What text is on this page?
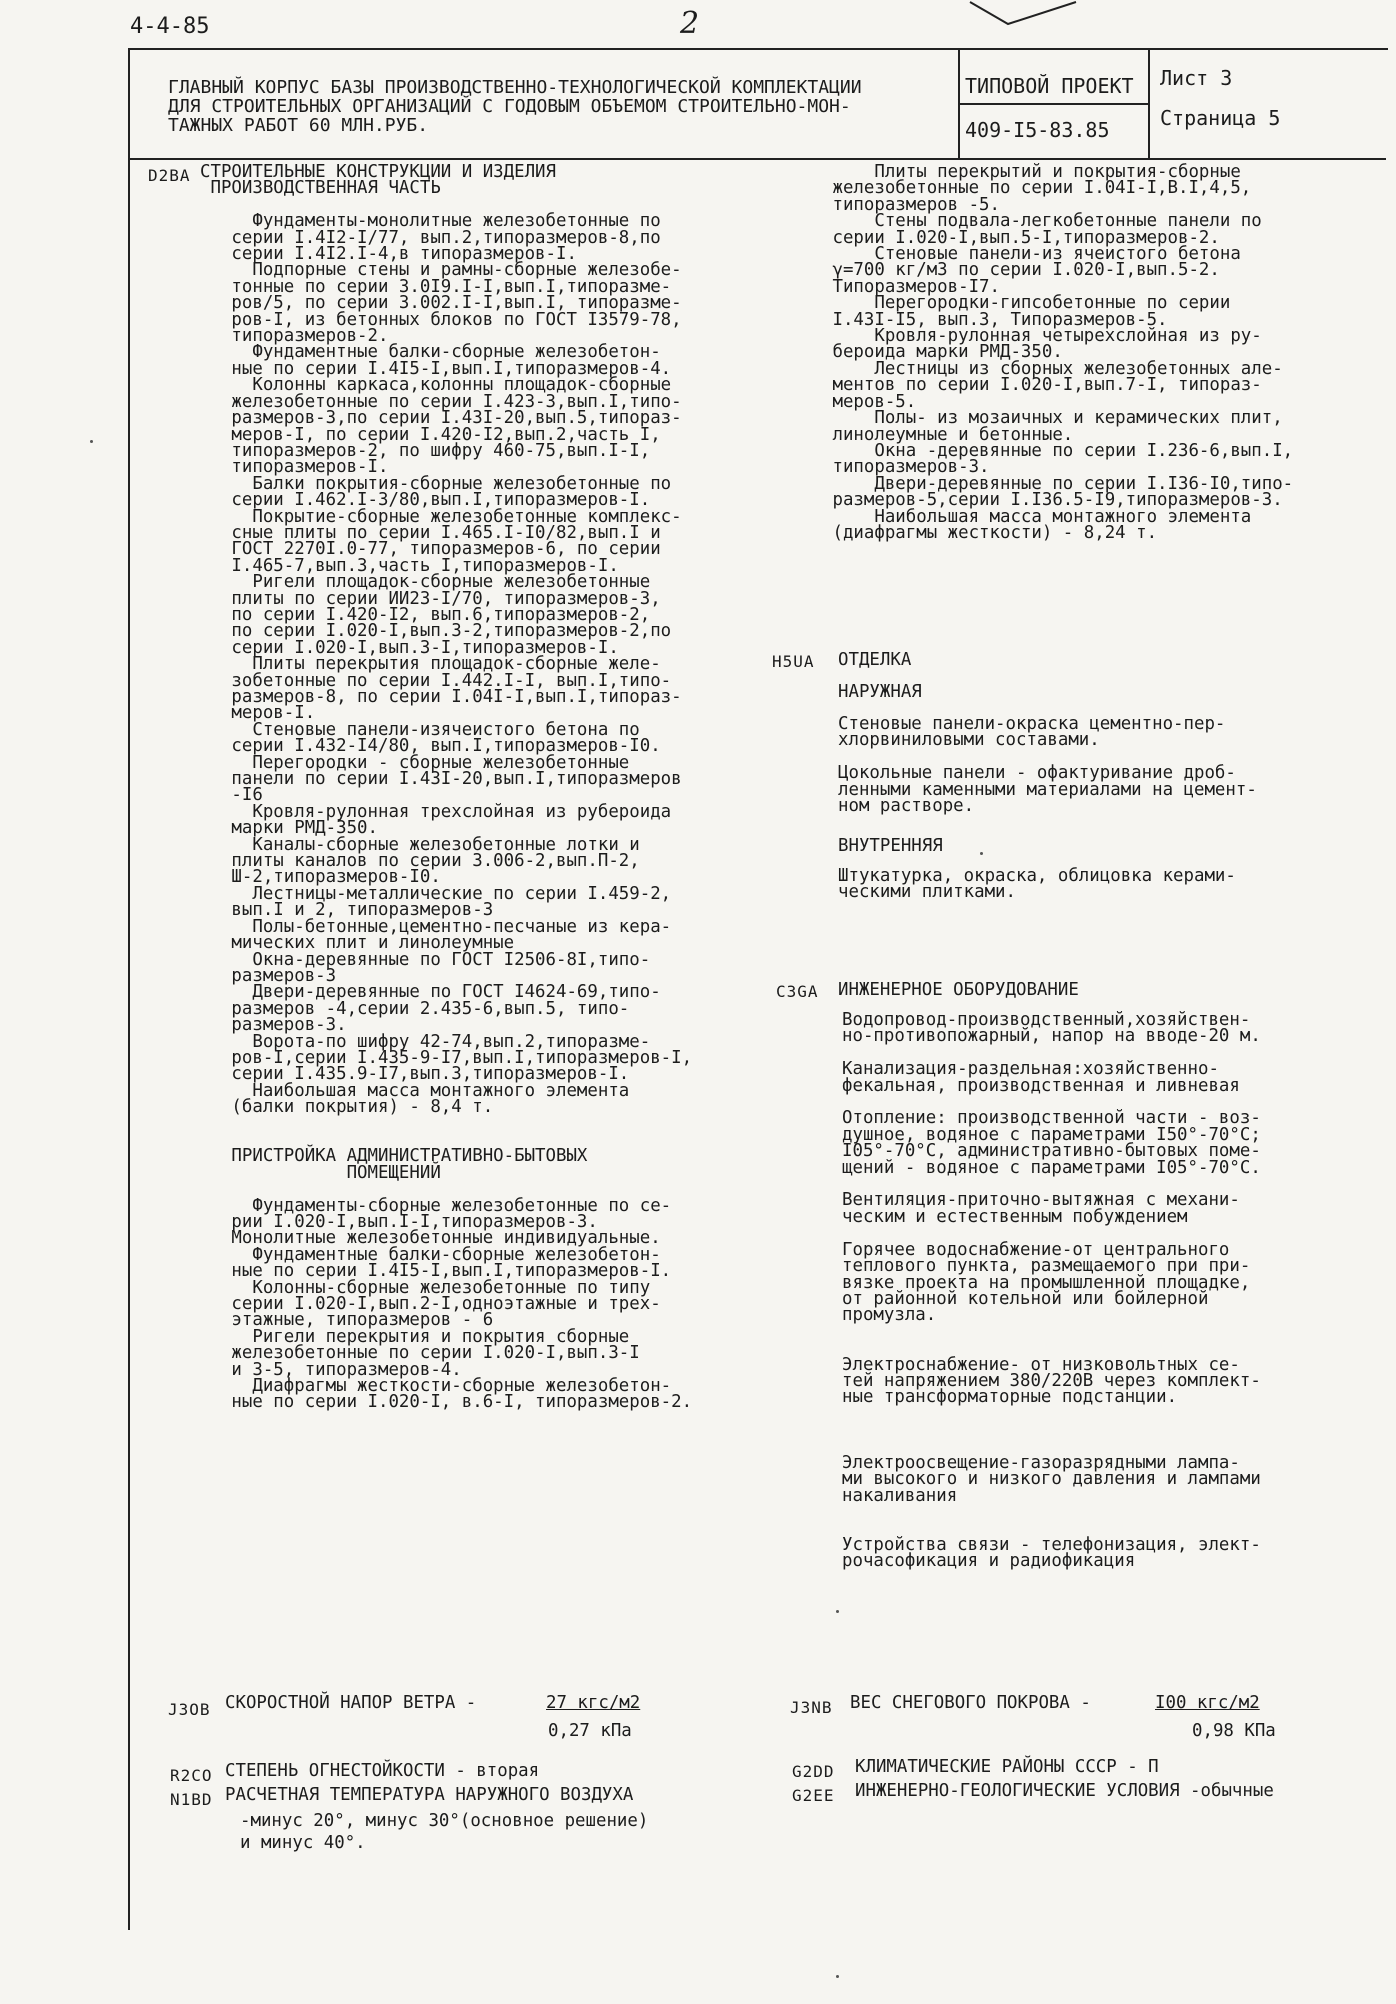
4-4-85	2
ГЛАВНЫЙ КОРПУС БАЗЫ ПРОИЗВОДСТВЕННО-ТЕХНОЛОГИЧЕСКОЙ КОМПЛЕКТАЦИИ
ДЛЯ СТРОИТЕЛЬНЫХ ОРГАНИЗАЦИЙ С ГОДОВЫМ ОБЪЕМОМ СТРОИТЕЛЬНО-МОН-
ТАЖНЫХ РАБОТ 60 МЛН.РУБ.
ТИПОВОЙ ПРОЕКТ
409-I5-83.85
Лист 3
Страница 5
D2BA СТРОИТЕЛЬНЫЕ КОНСТРУКЦИИ И ИЗДЕЛИЯ

ПРОИЗВОДСТВЕННАЯ ЧАСТЬ

Фундаменты-монолитные железобетонные по

серии I.4I2-I/77, вып.2,типоразмеров-8,по

серии I.4I2.I-4,в типоразмеров-I.

Подпорные стены и рамны-сборные железобе-

тонные по серии 3.0I9.I-I,вып.I,типоразме-

ров/5, по серии 3.002.I-I,вып.I, типоразме-

ров-I, из бетонных блоков по ГОСТ I3579-78,

типоразмеров-2.

Фундаментные балки-сборные железобетон-

ные по серии I.4I5-I,вып.I,типоразмеров-4.

Колонны каркаса,колонны площадок-сборные

железобетонные по серии I.423-3,вып.I,типо-

размеров-3,по серии I.43I-20,вып.5,типораз-

меров-I, по серии I.420-I2,вып.2,часть I,

типоразмеров-2, по шифру 460-75,вып.I-I,

типоразмеров-I.

Балки покрытия-сборные железобетонные по

серии I.462.I-3/80,вып.I,типоразмеров-I.

Покрытие-сборные железобетонные комплекс-

сные плиты по серии I.465.I-I0/82,вып.I и

ГОСТ 2270I.0-77, типоразмеров-6, по серии

I.465-7,вып.3,часть I,типоразмеров-I.

Ригели площадок-сборные железобетонные

плиты по серии ИИ23-I/70, типоразмеров-3,

по серии I.420-I2, вып.6,типоразмеров-2,

по серии I.020-I,вып.3-2,типоразмеров-2,по

серии I.020-I,вып.3-I,типоразмеров-I.

Плиты перекрытия площадок-сборные желе-

зобетонные по серии I.442.I-I, вып.I,типо-

размеров-8, по серии I.04I-I,вып.I,типораз-

меров-I.

Стеновые панели-изячеистого бетона по

серии I.432-I4/80, вып.I,типоразмеров-I0.

Перегородки - сборные железобетонные

панели по серии I.43I-20,вып.I,типоразмеров

-I6

Кровля-рулонная трехслойная из рубероида

марки РМД-350.

Каналы-сборные железобетонные лотки и

плиты каналов по серии 3.006-2,вып.П-2,

Ш-2,типоразмеров-I0.

Лестницы-металлические по серии I.459-2,

вып.I и 2, типоразмеров-3

Полы-бетонные,цементно-песчаные из кера-

мических плит и линолеумные

Окна-деревянные по ГОСТ I2506-8I,типо-

размеров-3

Двери-деревянные по ГОСТ I4624-69,типо-

размеров -4,серии 2.435-6,вып.5, типо-

размеров-3.

Ворота-по шифру 42-74,вып.2,типоразме-

ров-I,серии I.435-9-I7,вып.I,типоразмеров-I,

серии I.435.9-I7,вып.3,типоразмеров-I.

Наибольшая масса монтажного элемента

(балки покрытия) - 8,4 т.

ПРИСТРОЙКА АДМИНИСТРАТИВНО-БЫТОВЫХ

ПОМЕЩЕНИЙ

Фундаменты-сборные железобетонные по се-

рии I.020-I,вып.I-I,типоразмеров-3.

Монолитные железобетонные индивидуальные.

Фундаментные балки-сборные железобетон-

ные по серии I.4I5-I,вып.I,типоразмеров-I.

Колонны-сборные железобетонные по типу

серии I.020-I,вып.2-I,одноэтажные и трех-

этажные, типоразмеров - 6

Ригели перекрытия и покрытия сборные

железобетонные по серии I.020-I,вып.3-I

и 3-5, типоразмеров-4.

Диафрагмы жесткости-сборные железобетон-

ные по серии I.020-I, в.6-I, типоразмеров-2.

Плиты перекрытий и покрытия-сборные

железобетонные по серии I.04I-I,В.I,4,5,

типоразмеров -5.

Стены подвала-легкобетонные панели по

серии I.020-I,вып.5-I,типоразмеров-2.

Стеновые панели-из ячеистого бетона

γ=700 кг/м3 по серии I.020-I,вып.5-2.

Типоразмеров-I7.

Перегородки-гипсобетонные по серии

I.43I-I5, вып.3, Типоразмеров-5.

Кровля-рулонная четырехслойная из ру-

бероида марки РМД-350.

Лестницы из сборных железобетонных але-

ментов по серии I.020-I,вып.7-I, типораз-

меров-5.

Полы- из мозаичных и керамических плит,

линолеумные и бетонные.

Окна -деревянные по серии I.236-6,вып.I,

типоразмеров-3.

Двери-деревянные по серии I.I36-I0,типо-

размеров-5,серии I.I36.5-I9,типоразмеров-3.

Наибольшая масса монтажного элемента

(диафрагмы жесткости) - 8,24 т.

H5UA ОТДЕЛКА
НАРУЖНАЯ

Стеновые панели-окраска цементно-пер-

хлорвиниловыми составами.

Цокольные панели - офактуривание дроб-

ленными каменными материалами на цемент-

ном растворе.

ВНУТРЕННЯЯ

Штукатурка, окраска, облицовка керами-

ческими плитками.

C3GA ИНЖЕНЕРНОЕ ОБОРУДОВАНИЕ

Водопровод-производственный,хозяйствен-

но-противопожарный, напор на вводе-20 м.

Канализация-раздельная:хозяйственно-

фекальная, производственная и ливневая

Отопление: производственной части - воз-

душное, водяное с параметрами I50°-70°С;

I05°-70°С, административно-бытовых поме-

щений - водяное с параметрами I05°-70°С.

Вентиляция-приточно-вытяжная с механи-

ческим и естественным побуждением

Горячее водоснабжение-от центрального

теплового пункта, размещаемого при при-

вязке проекта на промышленной площадке,

от районной котельной или бойлерной

промузла.

Электроснабжение- от низковольтных се-

тей напряжением 380/220В через комплект-

ные трансформаторные подстанции.

Электроосвещение-газоразрядными лампа-

ми высокого и низкого давления и лампами

накаливания

Устройства связи - телефонизация, элект-

рочасофикация и радиофикация

J3OB СКОРОСТНОЙ НАПОР ВЕТРА -	27 кгс/м2
0,27 кПа
J3NB ВЕС СНЕГОВОГО ПОКРОВА -	I00 кгс/м2
0,98 КПа
R2CO СТЕПЕНЬ ОГНЕСТОЙКОСТИ - вторая	G2DD КЛИМАТИЧЕСКИЕ РАЙОНЫ СССР - П
N1BD РАСЧЕТНАЯ ТЕМПЕРАТУРА НАРУЖНОГО ВОЗДУХА
-минус 20°, минус 30°(основное решение)
и минус 40°.
G2EE ИНЖЕНЕРНО-ГЕОЛОГИЧЕСКИЕ УСЛОВИЯ -обычные
